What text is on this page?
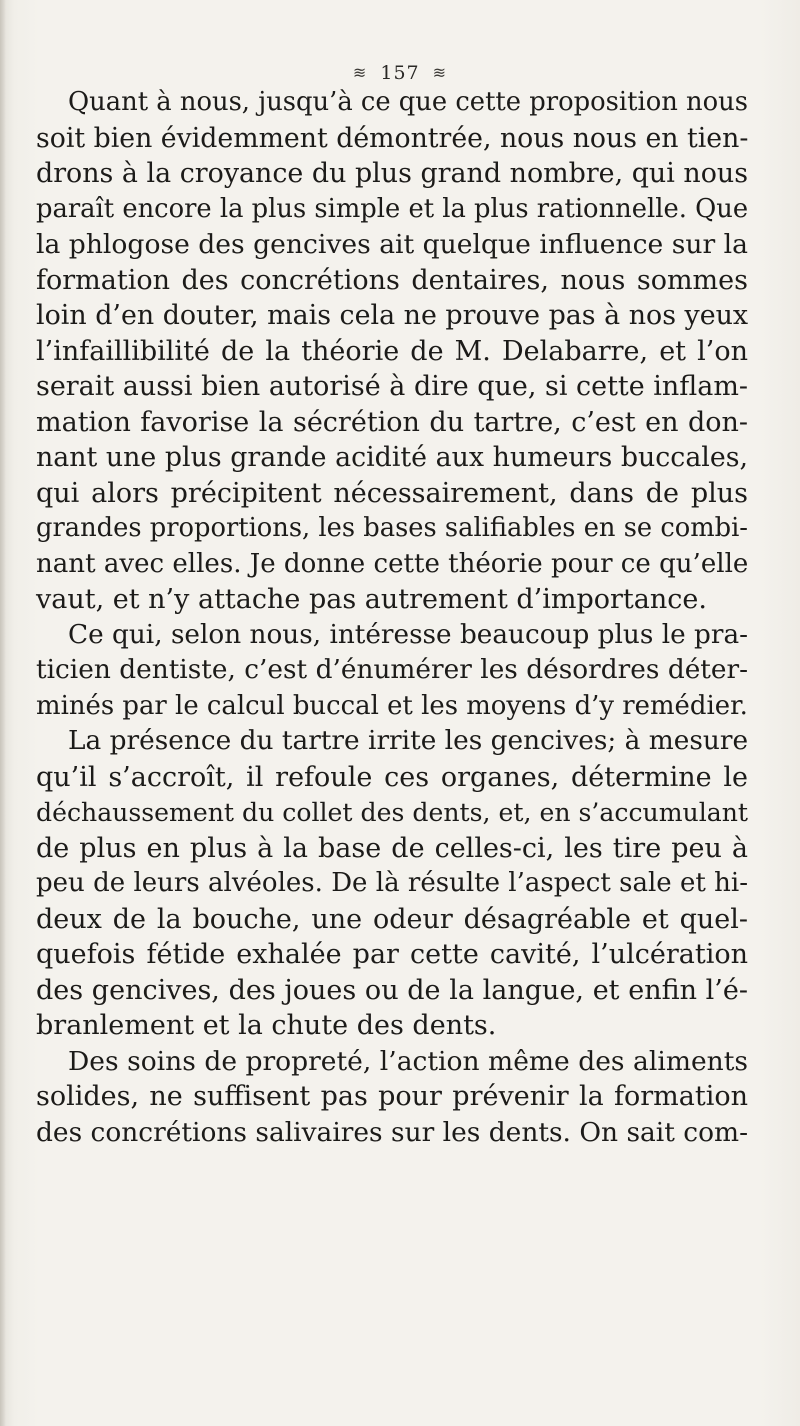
≋ 157 ≋
Quant à nous, jusqu’à ce que cette proposition nous
soit bien évidemment démontrée, nous nous en tien-
drons à la croyance du plus grand nombre, qui nous
paraît encore la plus simple et la plus rationnelle. Que
la phlogose des gencives ait quelque influence sur la
formation des concrétions dentaires, nous sommes
loin d’en douter, mais cela ne prouve pas à nos yeux
l’infaillibilité de la théorie de M. Delabarre, et l’on
serait aussi bien autorisé à dire que, si cette inflam-
mation favorise la sécrétion du tartre, c’est en don-
nant une plus grande acidité aux humeurs buccales,
qui alors précipitent nécessairement, dans de plus
grandes proportions, les bases salifiables en se combi-
nant avec elles. Je donne cette théorie pour ce qu’elle
vaut, et n’y attache pas autrement d’importance.
Ce qui, selon nous, intéresse beaucoup plus le pra-
ticien dentiste, c’est d’énumérer les désordres déter-
minés par le calcul buccal et les moyens d’y remédier.
La présence du tartre irrite les gencives; à mesure
qu’il s’accroît, il refoule ces organes, détermine le
déchaussement du collet des dents, et, en s’accumulant
de plus en plus à la base de celles-ci, les tire peu à
peu de leurs alvéoles. De là résulte l’aspect sale et hi-
deux de la bouche, une odeur désagréable et quel-
quefois fétide exhalée par cette cavité, l’ulcération
des gencives, des joues ou de la langue, et enfin l’é-
branlement et la chute des dents.
Des soins de propreté, l’action même des aliments
solides, ne suffisent pas pour prévenir la formation
des concrétions salivaires sur les dents. On sait com-
